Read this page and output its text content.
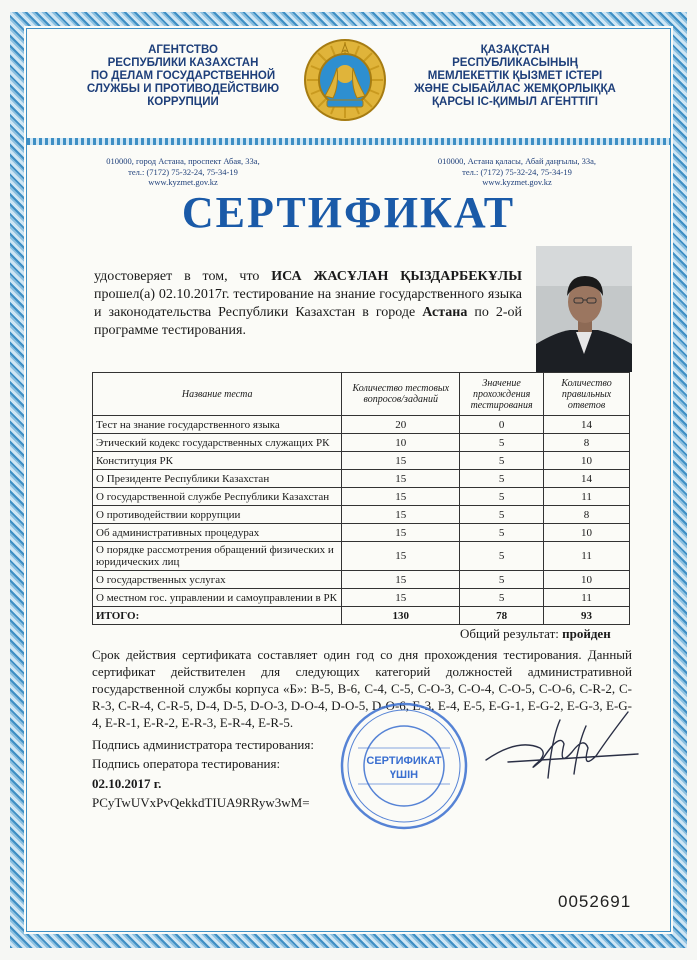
АГЕНТСТВО
РЕСПУБЛИКИ КАЗАХСТАН
ПО ДЕЛАМ ГОСУДАРСТВЕННОЙ
СЛУЖБЫ И ПРОТИВОДЕЙСТВИЮ
КОРРУПЦИИ
ҚАЗАҚСТАН
РЕСПУБЛИКАСЫНЫҢ
МЕМЛЕКЕТТІК ҚЫЗМЕТ ІСТЕРІ
ЖӘНЕ СЫБАЙЛАС ЖЕМҚОРЛЫҚҚА
ҚАРСЫ ІС-ҚИМЫЛ АГЕНТТІГІ
010000, город Астана, проспект Абая, 33а,
тел.: (7172) 75-32-24, 75-34-19
www.kyzmet.gov.kz
010000, Астана қаласы, Абай даңғылы, 33а,
тел.: (7172) 75-32-24, 75-34-19
www.kyzmet.gov.kz
СЕРТИФИКАТ
удостоверяет в том, что ИСА ЖАСҰЛАН ҚЫЗДАРБЕКҰЛЫ прошел(а) 02.10.2017г. тестирование на знание государственного языка и законодательства Республики Казахстан в городе Астана по 2-ой программе тестирования.
Название теста	Количество тестовых вопросов/заданий	Значение прохождения тестирования	Количество правильных ответов
Тест на знание государственного языка	20	0	14
Этический кодекс государственных служащих РК	10	5	8
Конституция РК	15	5	10
О Президенте Республики Казахстан	15	5	14
О государственной службе Республики Казахстан	15	5	11
О противодействии коррупции	15	5	8
Об административных процедурах	15	5	10
О порядке рассмотрения обращений физических и юридических лиц	15	5	11
О государственных услугах	15	5	10
О местном гос. управлении и самоуправлении в РК	15	5	11
ИТОГО:	130	78	93
Общий результат: пройден
Срок действия сертификата составляет один год со дня прохождения тестирования. Данный сертификат действителен для следующих категорий должностей административной государственной службы корпуса «Б»: B-5, B-6, C-4, C-5, C-O-3, C-O-4, C-O-5, C-O-6, C-R-2, C-R-3, C-R-4, C-R-5, D-4, D-5, D-O-3, D-O-4, D-O-5, D-O-6, E-3, E-4, E-5, E-G-1, E-G-2, E-G-3, E-G-4, E-R-1, E-R-2, E-R-3, E-R-4, E-R-5.
Подпись администратора тестирования:
Подпись оператора тестирования:
02.10.2017 г.
PCyTwUVxPvQekkdTIUA9RRyw3wM=
СЕРТИФИКАТ
ҮШІН
0052691
